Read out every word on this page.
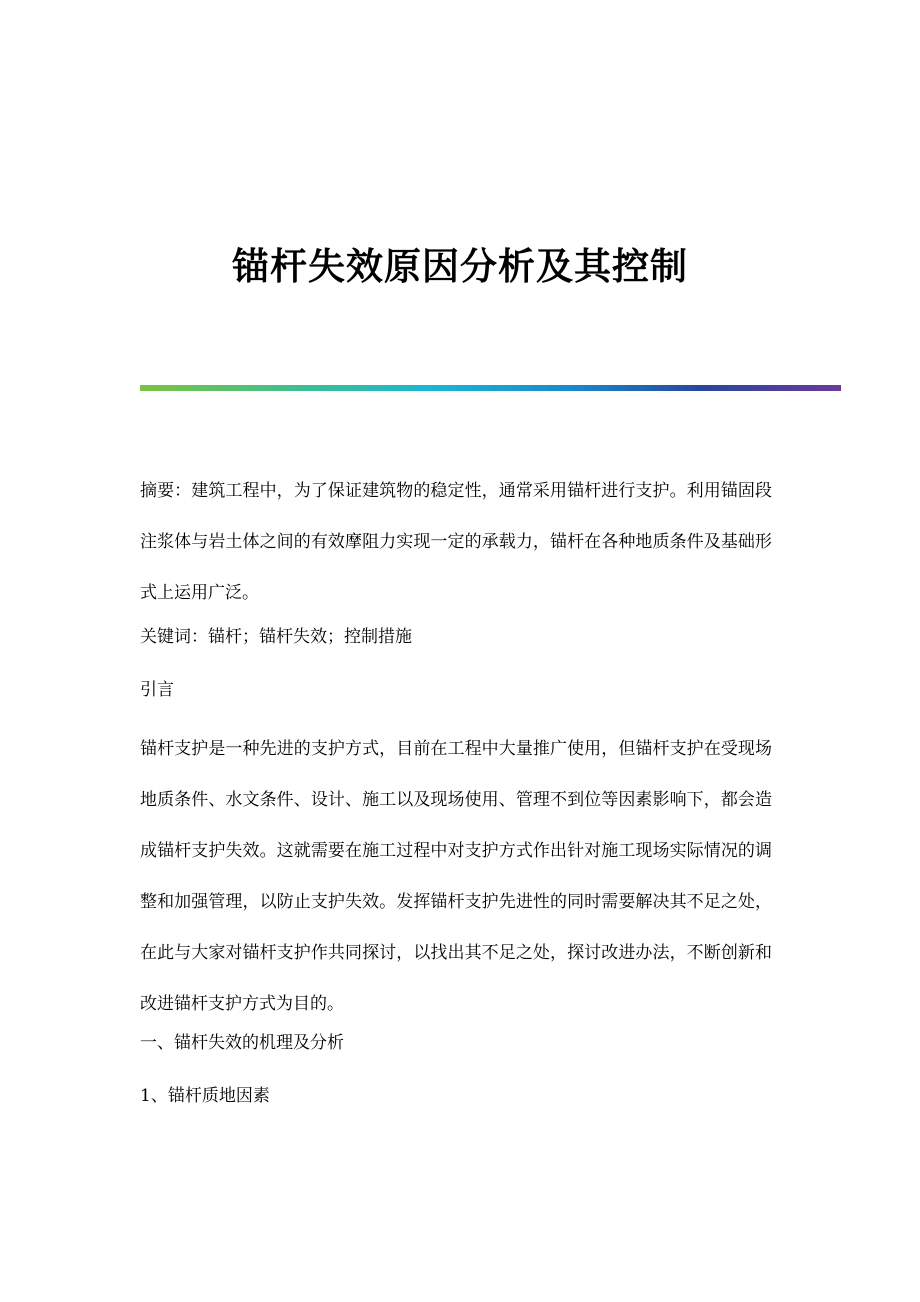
锚杆失效原因分析及其控制

摘要：建筑工程中，为了保证建筑物的稳定性，通常采用锚杆进行支护。利用锚固段注浆体与岩土体之间的有效摩阻力实现一定的承载力，锚杆在各种地质条件及基础形式上运用广泛。

关键词：锚杆；锚杆失效；控制措施

引言

锚杆支护是一种先进的支护方式，目前在工程中大量推广使用，但锚杆支护在受现场地质条件、水文条件、设计、施工以及现场使用、管理不到位等因素影响下，都会造成锚杆支护失效。这就需要在施工过程中对支护方式作出针对施工现场实际情况的调整和加强管理，以防止支护失效。发挥锚杆支护先进性的同时需要解决其不足之处，在此与大家对锚杆支护作共同探讨，以找出其不足之处，探讨改进办法，不断创新和改进锚杆支护方式为目的。

一、锚杆失效的机理及分析

1、锚杆质地因素
